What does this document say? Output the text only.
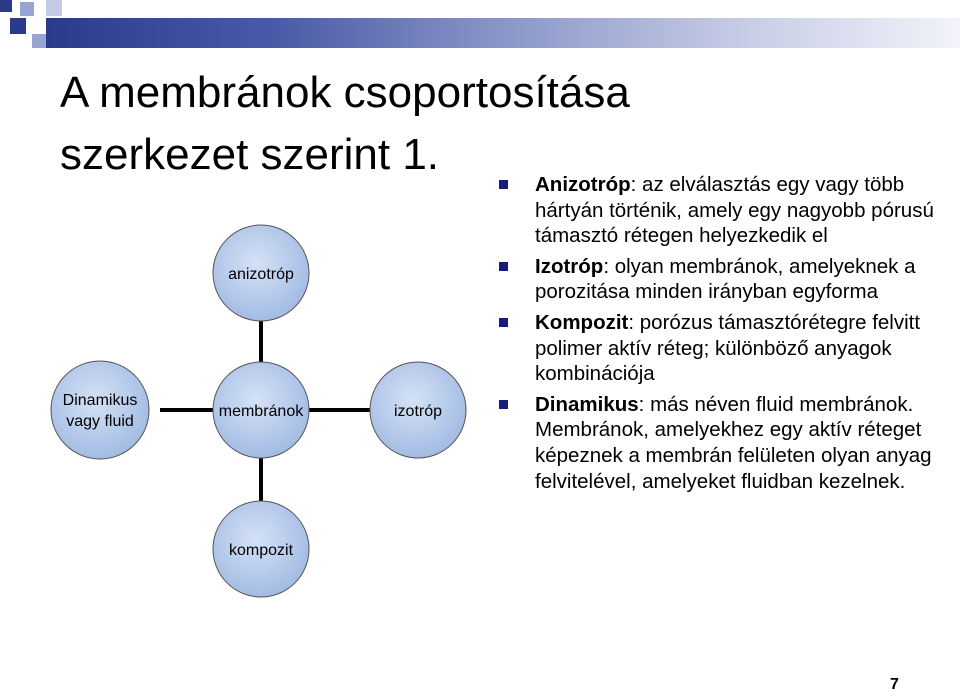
A membránok csoportosítása
szerkezet szerint 1.
anizotróp
membránok
kompozit
izotróp
Dinamikus
vagy fluid
Anizotróp: az elválasztás egy vagy több hártyán történik, amely egy nagyobb pórusú támasztó rétegen helyezkedik el
Izotróp: olyan membránok, amelyeknek a porozitása minden irányban egyforma
Kompozit: porózus támasztórétegre felvitt polimer aktív réteg; különböző anyagok kombinációja
Dinamikus: más néven fluid membránok. Membránok, amelyekhez egy aktív réteget képeznek a membrán felületen olyan anyag felvitelével, amelyeket fluidban kezelnek.
7
